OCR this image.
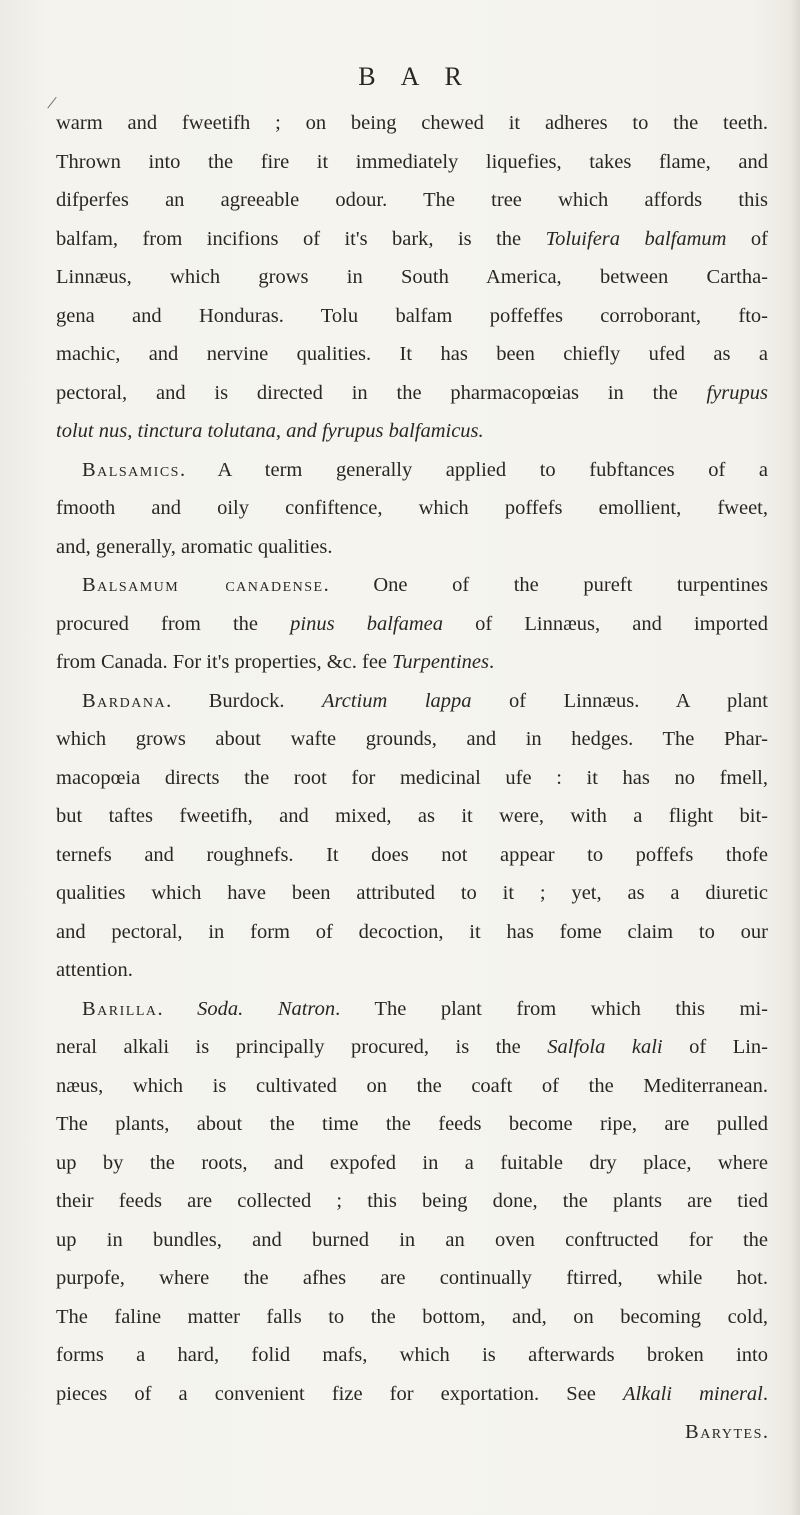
B A R
warm and fweetifh ; on being chewed it adheres to the teeth.
Thrown into the fire it immediately liquefies, takes flame, and
difperfes an agreeable odour. The tree which affords this
balfam, from incifions of it's bark, is the Toluifera balfamum of
Linnæus, which grows in South America, between Cartha-
gena and Honduras. Tolu balfam poffeffes corroborant, fto-
machic, and nervine qualities. It has been chiefly ufed as a
pectoral, and is directed in the pharmacopœias in the fyrupus
tolut nus, tinctura tolutana, and fyrupus balfamicus.
Balsamics. A term generally applied to fubftances of a
fmooth and oily confiftence, which poffefs emollient, fweet,
and, generally, aromatic qualities.
Balsamum canadense. One of the pureft turpentines
procured from the pinus balfamea of Linnæus, and imported
from Canada. For it's properties, &c. fee Turpentines.
Bardana. Burdock. Arctium lappa of Linnæus. A plant
which grows about wafte grounds, and in hedges. The Phar-
macopœia directs the root for medicinal ufe : it has no fmell,
but taftes fweetifh, and mixed, as it were, with a flight bit-
ternefs and roughnefs. It does not appear to poffefs thofe
qualities which have been attributed to it ; yet, as a diuretic
and pectoral, in form of decoction, it has fome claim to our
attention.
Barilla. Soda. Natron. The plant from which this mi-
neral alkali is principally procured, is the Salfola kali of Lin-
næus, which is cultivated on the coaft of the Mediterranean.
The plants, about the time the feeds become ripe, are pulled
up by the roots, and expofed in a fuitable dry place, where
their feeds are collected ; this being done, the plants are tied
up in bundles, and burned in an oven conftructed for the
purpofe, where the afhes are continually ftirred, while hot.
The faline matter falls to the bottom, and, on becoming cold,
forms a hard, folid mafs, which is afterwards broken into
pieces of a convenient fize for exportation. See Alkali mineral.
Barytes.
